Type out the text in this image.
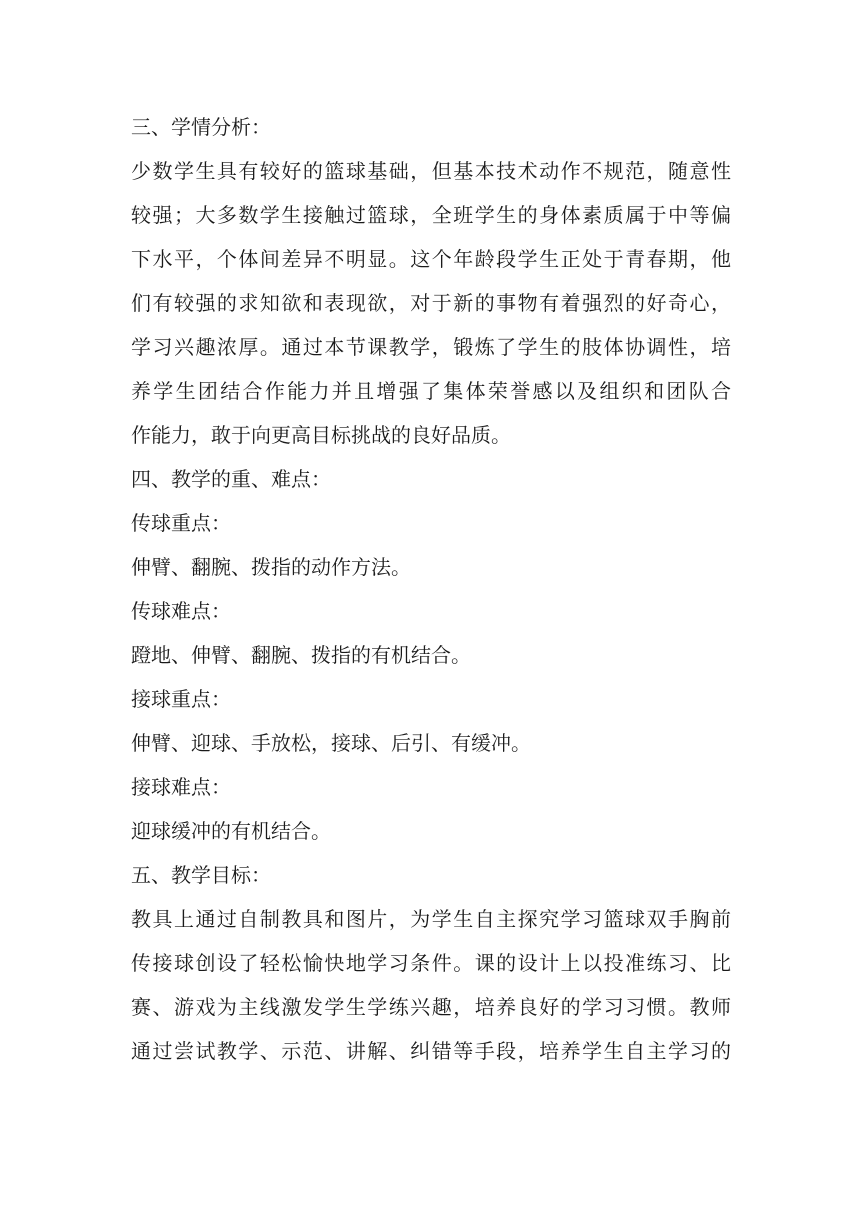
三、学情分析：
少数学生具有较好的篮球基础，但基本技术动作不规范，随意性
较强；大多数学生接触过篮球，全班学生的身体素质属于中等偏
下水平，个体间差异不明显。这个年龄段学生正处于青春期，他
们有较强的求知欲和表现欲，对于新的事物有着强烈的好奇心，
学习兴趣浓厚。通过本节课教学，锻炼了学生的肢体协调性，培
养学生团结合作能力并且增强了集体荣誉感以及组织和团队合
作能力，敢于向更高目标挑战的良好品质。
四、教学的重、难点：
传球重点：
伸臂、翻腕、拨指的动作方法。
传球难点：
蹬地、伸臂、翻腕、拨指的有机结合。
接球重点：
伸臂、迎球、手放松，接球、后引、有缓冲。
接球难点：
迎球缓冲的有机结合。
五、教学目标：
教具上通过自制教具和图片，为学生自主探究学习篮球双手胸前
传接球创设了轻松愉快地学习条件。课的设计上以投准练习、比
赛、游戏为主线激发学生学练兴趣，培养良好的学习习惯。教师
通过尝试教学、示范、讲解、纠错等手段，培养学生自主学习的
